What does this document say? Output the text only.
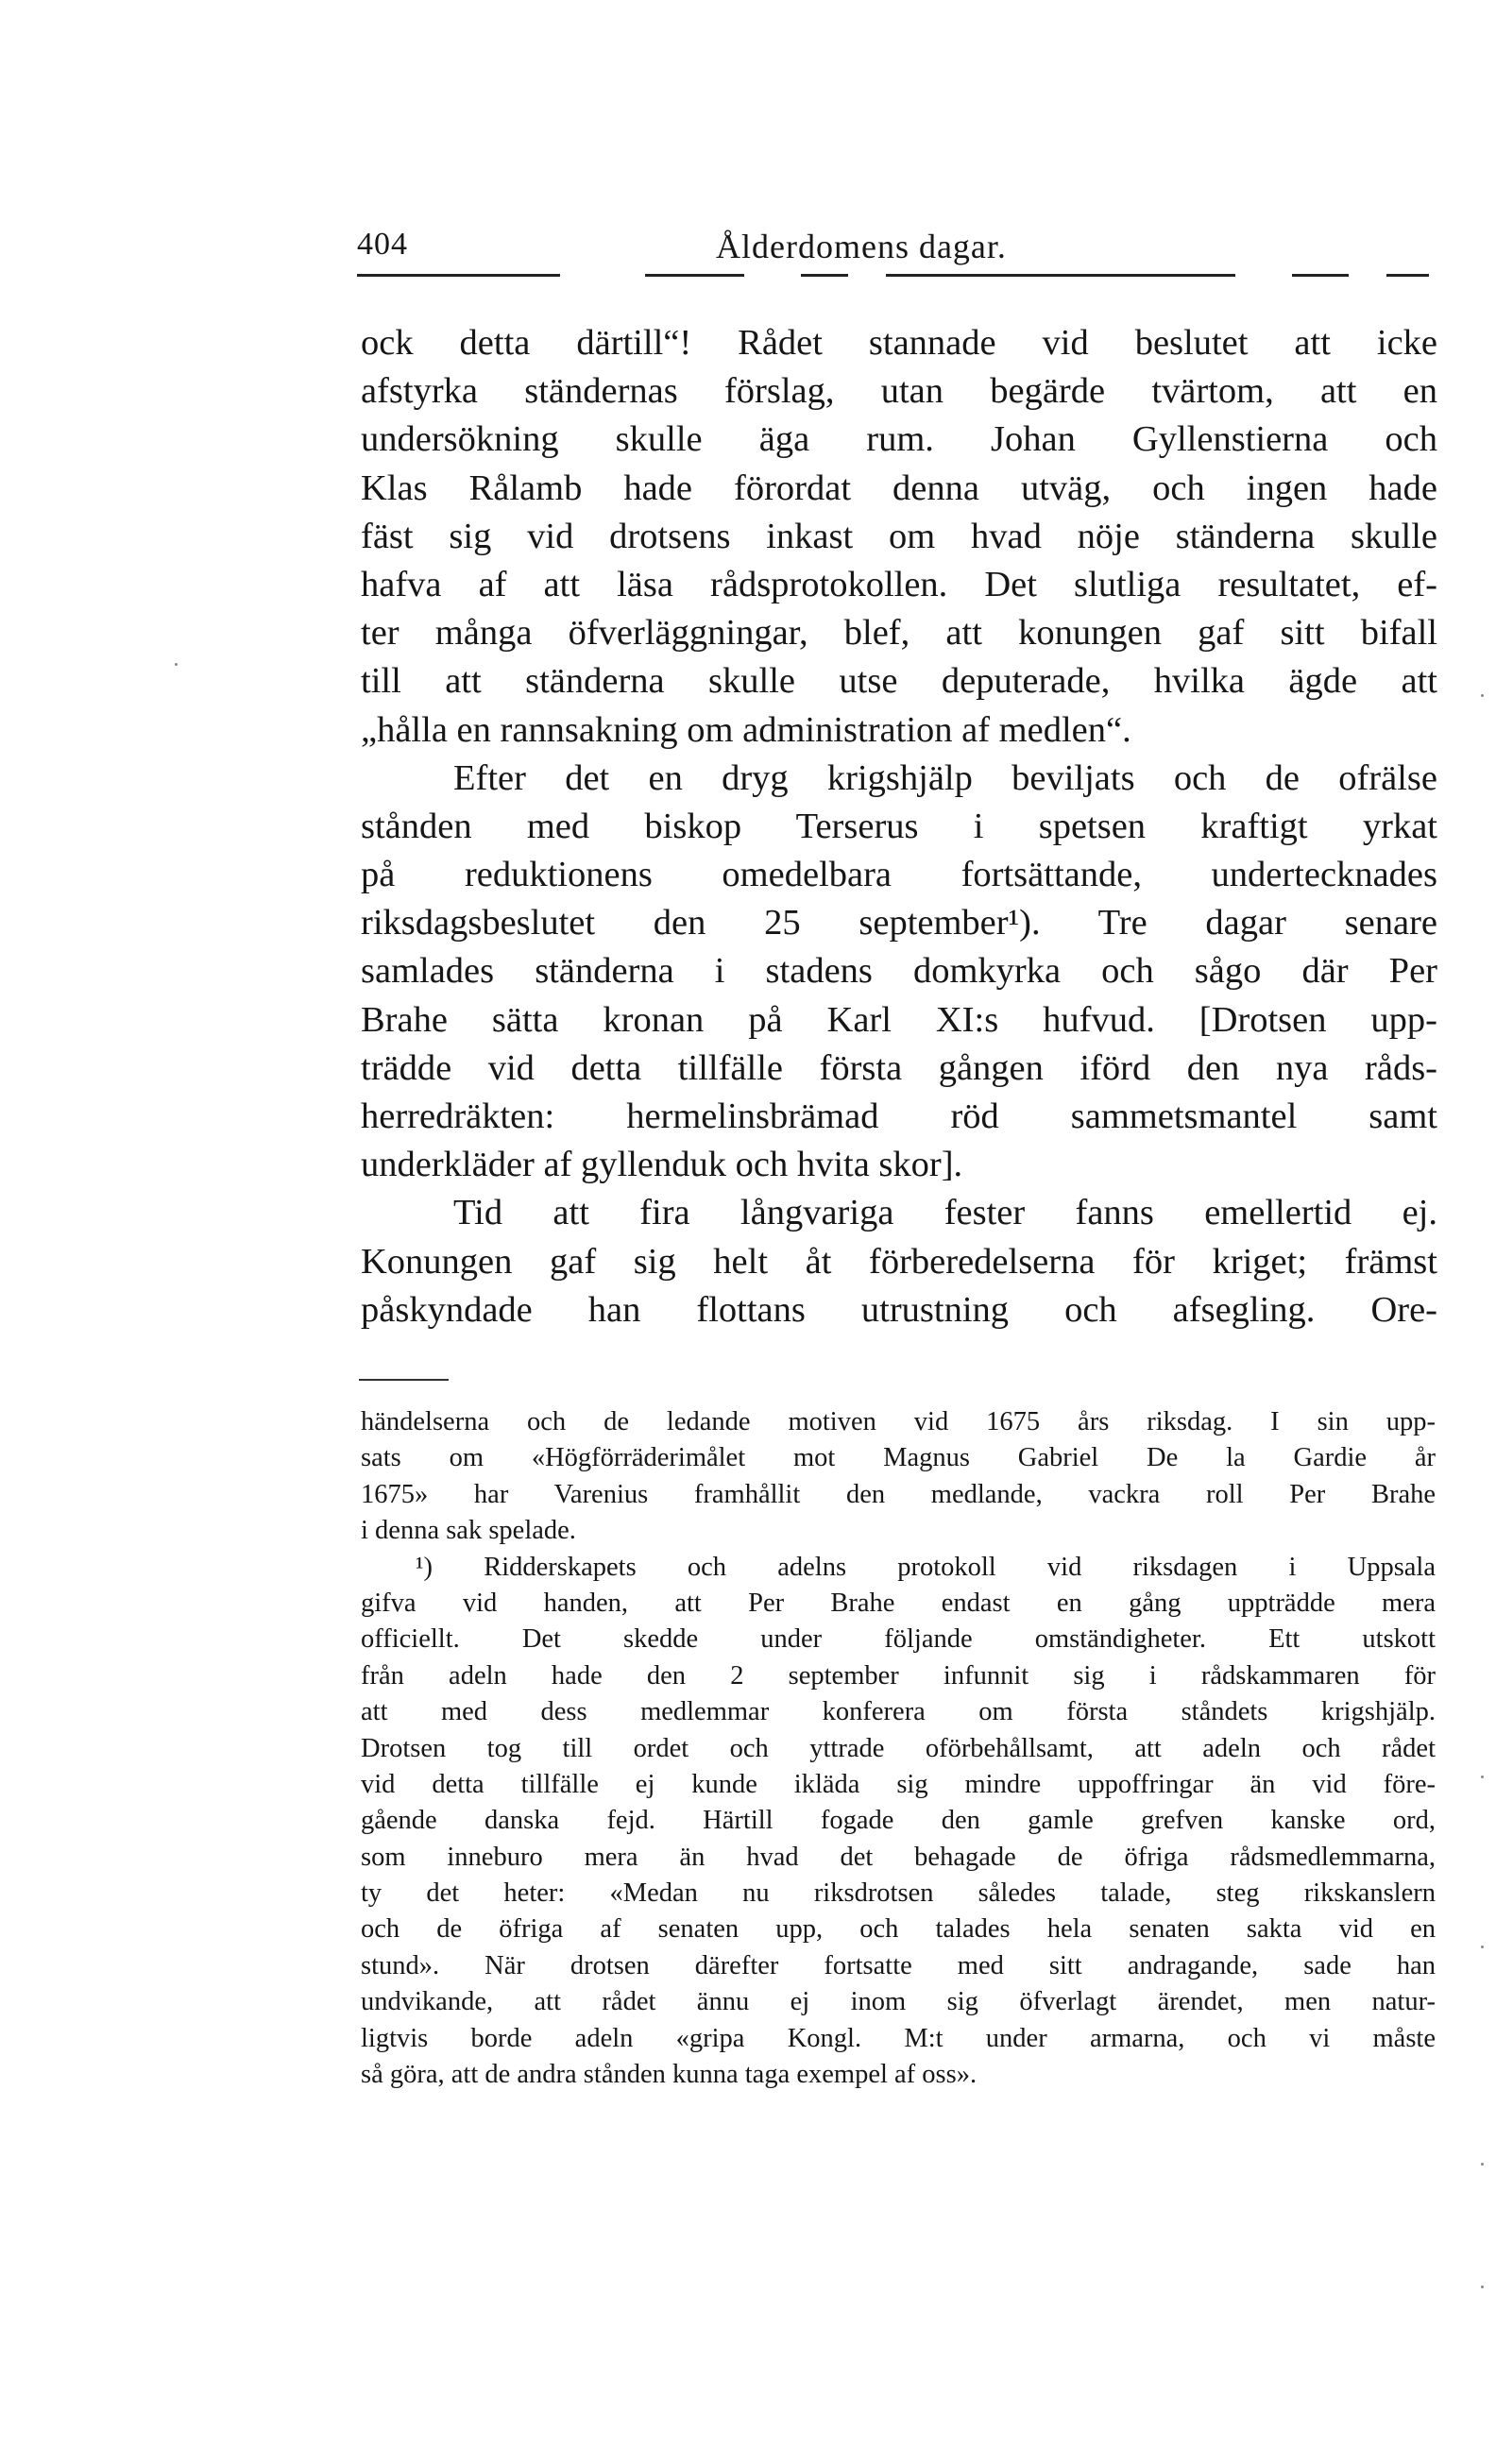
404	Ålderdomens dagar.
ock detta därtill“! Rådet stannade vid beslutet att icke
afstyrka ständernas förslag, utan begärde tvärtom, att en
undersökning skulle äga rum. Johan Gyllenstierna och
Klas Rålamb hade förordat denna utväg, och ingen hade
fäst sig vid drotsens inkast om hvad nöje ständerna skulle
hafva af att läsa rådsprotokollen. Det slutliga resultatet, ef-
ter många öfverläggningar, blef, att konungen gaf sitt bifall
till att ständerna skulle utse deputerade, hvilka ägde att
„hålla en rannsakning om administration af medlen“.
Efter det en dryg krigshjälp beviljats och de ofrälse
stånden med biskop Terserus i spetsen kraftigt yrkat
på reduktionens omedelbara fortsättande, undertecknades
riksdagsbeslutet den 25 september¹). Tre dagar senare
samlades ständerna i stadens domkyrka och sågo där Per
Brahe sätta kronan på Karl XI:s hufvud. [Drotsen upp-
trädde vid detta tillfälle första gången iförd den nya råds-
herredräkten: hermelinsbrämad röd sammetsmantel samt
underkläder af gyllenduk och hvita skor].
Tid att fira långvariga fester fanns emellertid ej.
Konungen gaf sig helt åt förberedelserna för kriget; främst
påskyndade han flottans utrustning och afsegling. Ore-
händelserna och de ledande motiven vid 1675 års riksdag. I sin upp-
sats om «Högförräderimålet mot Magnus Gabriel De la Gardie år
1675» har Varenius framhållit den medlande, vackra roll Per Brahe
i denna sak spelade.
¹) Ridderskapets och adelns protokoll vid riksdagen i Uppsala
gifva vid handen, att Per Brahe endast en gång uppträdde mera
officiellt. Det skedde under följande omständigheter. Ett utskott
från adeln hade den 2 september infunnit sig i rådskammaren för
att med dess medlemmar konferera om första ståndets krigshjälp.
Drotsen tog till ordet och yttrade oförbehållsamt, att adeln och rådet
vid detta tillfälle ej kunde ikläda sig mindre uppoffringar än vid före-
gående danska fejd. Härtill fogade den gamle grefven kanske ord,
som inneburo mera än hvad det behagade de öfriga rådsmedlemmarna,
ty det heter: «Medan nu riksdrotsen således talade, steg rikskanslern
och de öfriga af senaten upp, och talades hela senaten sakta vid en
stund». När drotsen därefter fortsatte med sitt andragande, sade han
undvikande, att rådet ännu ej inom sig öfverlagt ärendet, men natur-
ligtvis borde adeln «gripa Kongl. M:t under armarna, och vi måste
så göra, att de andra stånden kunna taga exempel af oss».
